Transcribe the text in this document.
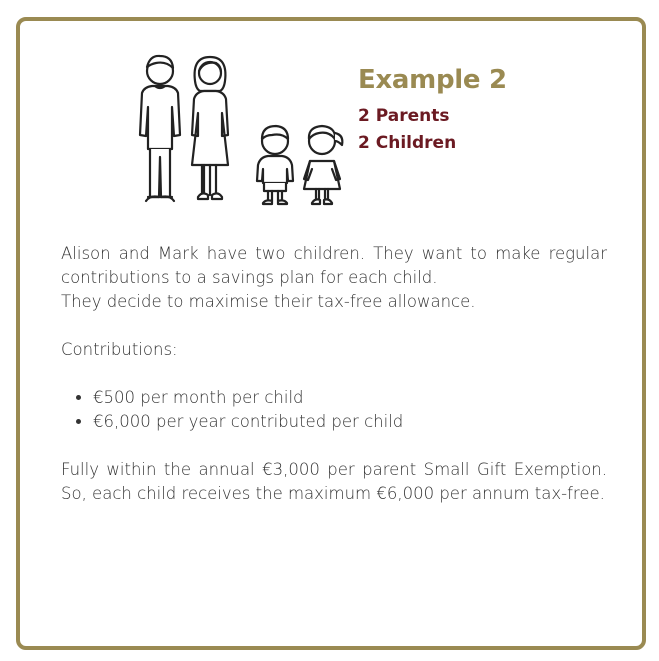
Example 2
2 Parents
2 Children

Alison and Mark have two children. They want to make regular contributions to a savings plan for each child.

They decide to maximise their tax-free allowance.

Contributions:

• €500 per month per child
• €6,000 per year contributed per child

Fully within the annual €3,000 per parent Small Gift Exemption. So, each child receives the maximum €6,000 per annum tax-free.
